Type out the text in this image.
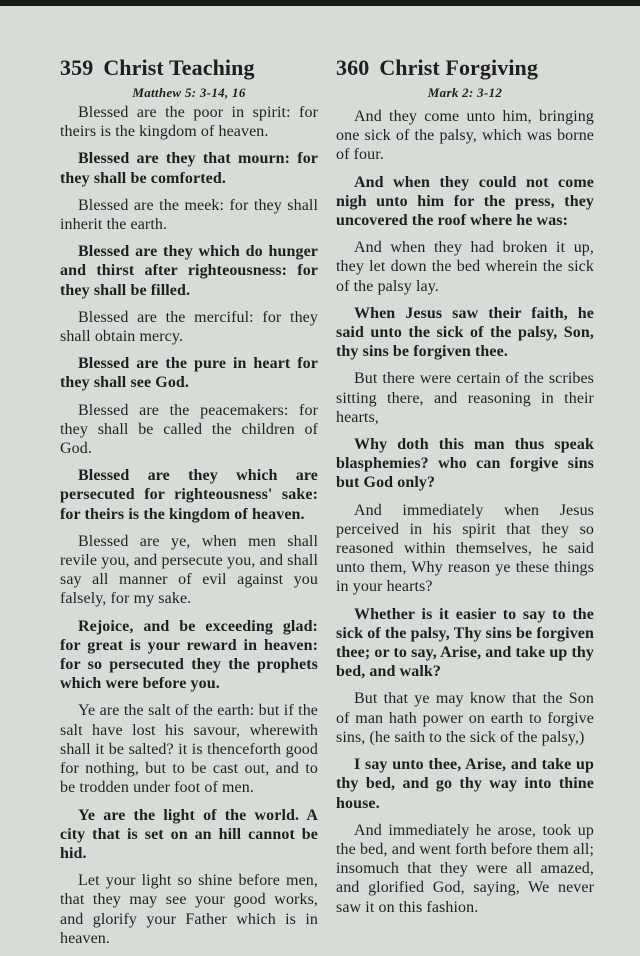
359 Christ Teaching
Matthew 5: 3-14, 16

Blessed are the poor in spirit: for theirs is the kingdom of heaven.

Blessed are they that mourn: for they shall be comforted.

Blessed are the meek: for they shall inherit the earth.

Blessed are they which do hunger and thirst after righteousness: for they shall be filled.

Blessed are the merciful: for they shall obtain mercy.

Blessed are the pure in heart for they shall see God.

Blessed are the peacemakers: for they shall be called the children of God.

Blessed are they which are persecuted for righteousness' sake: for theirs is the kingdom of heaven.

Blessed are ye, when men shall revile you, and persecute you, and shall say all manner of evil against you falsely, for my sake.

Rejoice, and be exceeding glad: for great is your reward in heaven: for so persecuted they the prophets which were before you.

Ye are the salt of the earth: but if the salt have lost his savour, wherewith shall it be salted? it is thenceforth good for nothing, but to be cast out, and to be trodden under foot of men.

Ye are the light of the world. A city that is set on an hill cannot be hid.

Let your light so shine before men, that they may see your good works, and glorify your Father which is in heaven.

360 Christ Forgiving
Mark 2: 3-12

And they come unto him, bringing one sick of the palsy, which was borne of four.

And when they could not come nigh unto him for the press, they uncovered the roof where he was:

And when they had broken it up, they let down the bed wherein the sick of the palsy lay.

When Jesus saw their faith, he said unto the sick of the palsy, Son, thy sins be forgiven thee.

But there were certain of the scribes sitting there, and reasoning in their hearts,

Why doth this man thus speak blasphemies? who can forgive sins but God only?

And immediately when Jesus perceived in his spirit that they so reasoned within themselves, he said unto them, Why reason ye these things in your hearts?

Whether is it easier to say to the sick of the palsy, Thy sins be forgiven thee; or to say, Arise, and take up thy bed, and walk?

But that ye may know that the Son of man hath power on earth to forgive sins, (he saith to the sick of the palsy,)

I say unto thee, Arise, and take up thy bed, and go thy way into thine house.

And immediately he arose, took up the bed, and went forth before them all; insomuch that they were all amazed, and glorified God, saying, We never saw it on this fashion.
